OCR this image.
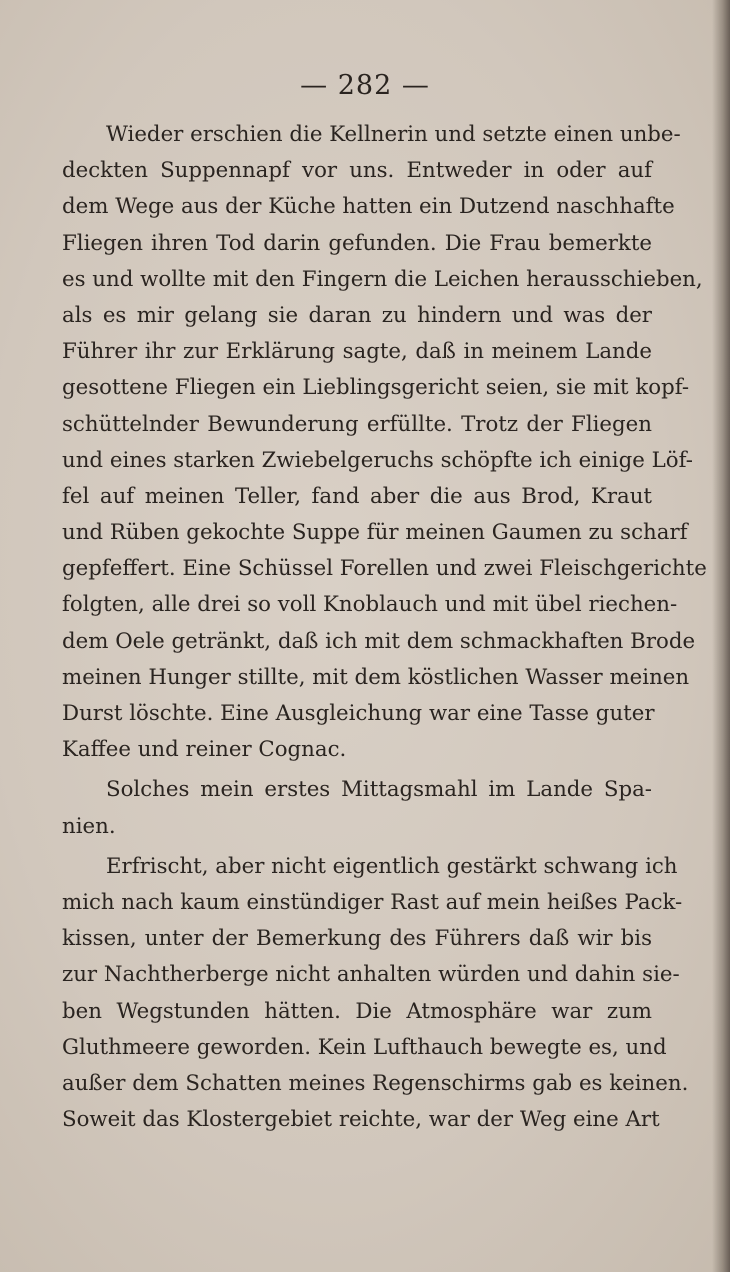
— 282 —
Wieder erschien die Kellnerin und setzte einen unbe-
deckten Suppennapf vor uns. Entweder in oder auf
dem Wege aus der Küche hatten ein Dutzend naschhafte
Fliegen ihren Tod darin gefunden. Die Frau bemerkte
es und wollte mit den Fingern die Leichen herausschieben,
als es mir gelang sie daran zu hindern und was der
Führer ihr zur Erklärung sagte, daß in meinem Lande
gesottene Fliegen ein Lieblingsgericht seien, sie mit kopf-
schüttelnder Bewunderung erfüllte. Trotz der Fliegen
und eines starken Zwiebelgeruchs schöpfte ich einige Löf-
fel auf meinen Teller, fand aber die aus Brod, Kraut
und Rüben gekochte Suppe für meinen Gaumen zu scharf
gepfeffert. Eine Schüssel Forellen und zwei Fleischgerichte
folgten, alle drei so voll Knoblauch und mit übel riechen-
dem Oele getränkt, daß ich mit dem schmackhaften Brode
meinen Hunger stillte, mit dem köstlichen Wasser meinen
Durst löschte. Eine Ausgleichung war eine Tasse guter
Kaffee und reiner Cognac.
Solches mein erstes Mittagsmahl im Lande Spa-
nien.
Erfrischt, aber nicht eigentlich gestärkt schwang ich
mich nach kaum einstündiger Rast auf mein heißes Pack-
kissen, unter der Bemerkung des Führers daß wir bis
zur Nachtherberge nicht anhalten würden und dahin sie-
ben Wegstunden hätten. Die Atmosphäre war zum
Gluthmeere geworden. Kein Lufthauch bewegte es, und
außer dem Schatten meines Regenschirms gab es keinen.
Soweit das Klostergebiet reichte, war der Weg eine Art
